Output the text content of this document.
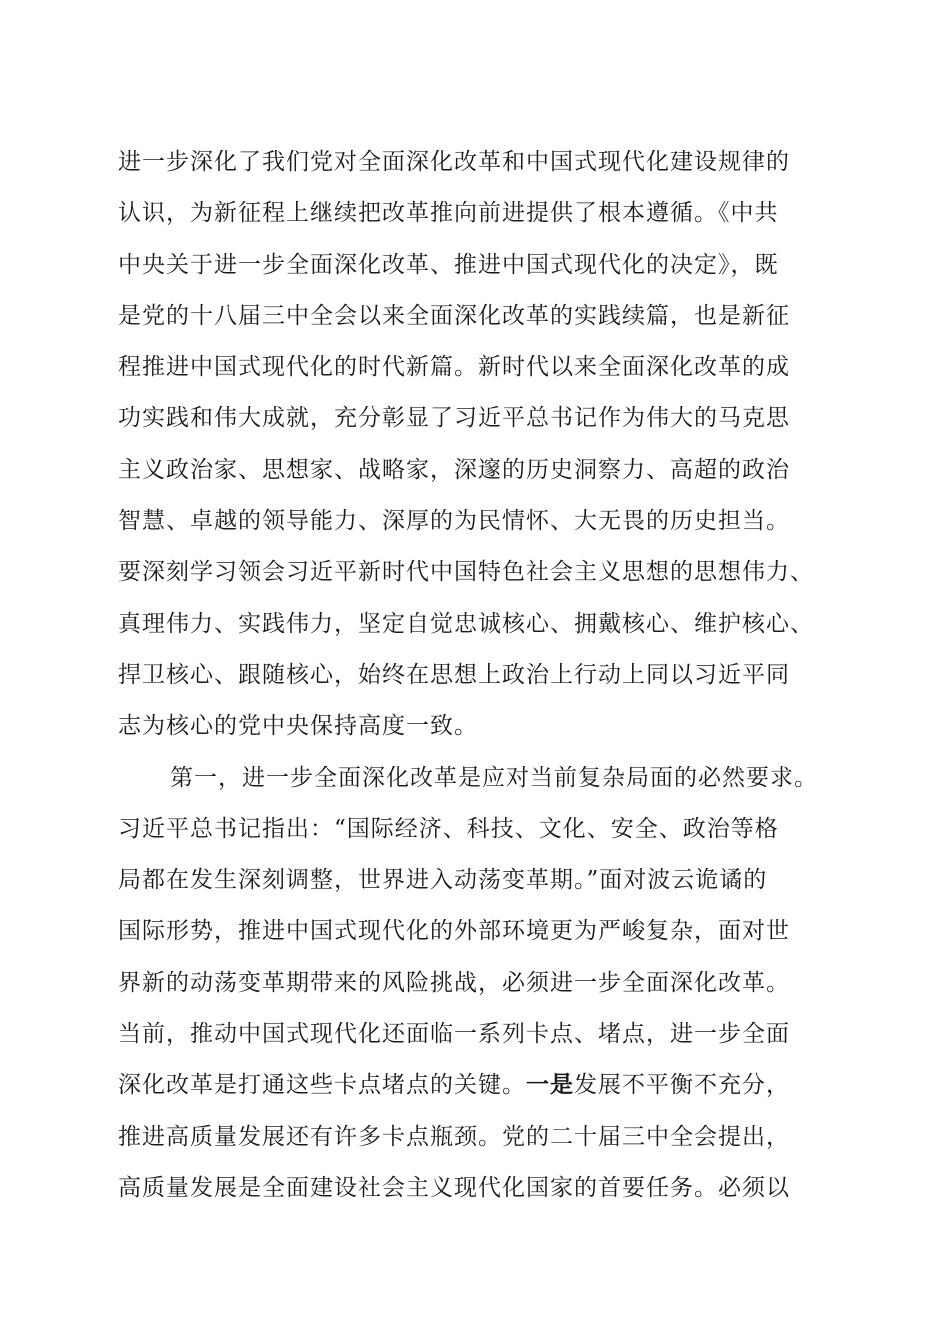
进一步深化了我们党对全面深化改革和中国式现代化建设规律的
认识，为新征程上继续把改革推向前进提供了根本遵循。《中共
中央关于进一步全面深化改革、推进中国式现代化的决定》，既
是党的十八届三中全会以来全面深化改革的实践续篇，也是新征
程推进中国式现代化的时代新篇。新时代以来全面深化改革的成
功实践和伟大成就，充分彰显了习近平总书记作为伟大的马克思
主义政治家、思想家、战略家，深邃的历史洞察力、高超的政治
智慧、卓越的领导能力、深厚的为民情怀、大无畏的历史担当。
要深刻学习领会习近平新时代中国特色社会主义思想的思想伟力、
真理伟力、实践伟力，坚定自觉忠诚核心、拥戴核心、维护核心、
捍卫核心、跟随核心，始终在思想上政治上行动上同以习近平同
志为核心的党中央保持高度一致。
第一，进一步全面深化改革是应对当前复杂局面的必然要求。
习近平总书记指出：“国际经济、科技、文化、安全、政治等格
局都在发生深刻调整，世界进入动荡变革期。”面对波云诡谲的
国际形势，推进中国式现代化的外部环境更为严峻复杂，面对世
界新的动荡变革期带来的风险挑战，必须进一步全面深化改革。
当前，推动中国式现代化还面临一系列卡点、堵点，进一步全面
深化改革是打通这些卡点堵点的关键。一是发展不平衡不充分，
推进高质量发展还有许多卡点瓶颈。党的二十届三中全会提出，
高质量发展是全面建设社会主义现代化国家的首要任务。必须以
